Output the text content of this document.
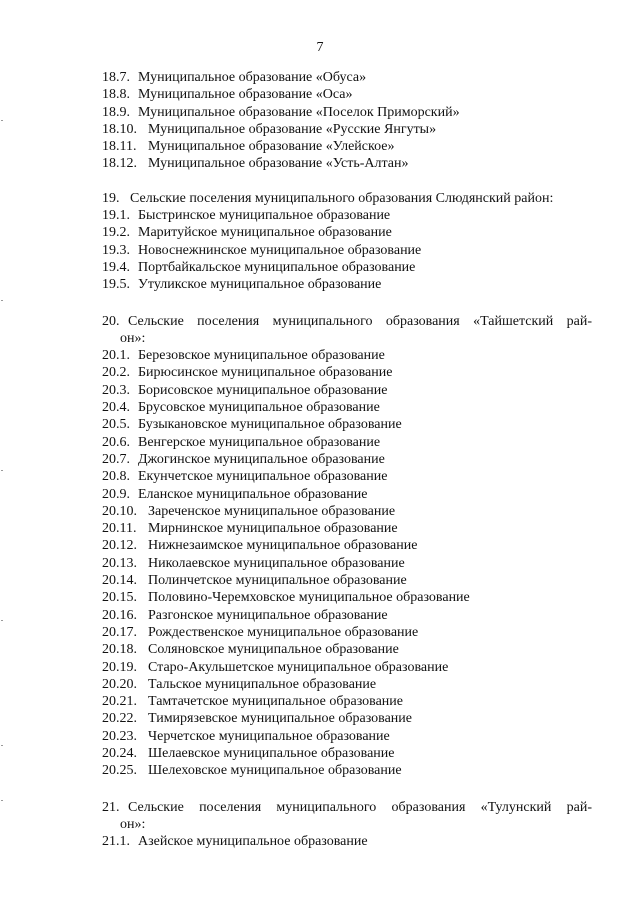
7
18.7. Муниципальное образование «Обуса»
18.8. Муниципальное образование «Оса»
18.9. Муниципальное образование «Поселок Приморский»
18.10. Муниципальное образование «Русские Янгуты»
18.11. Муниципальное образование «Улейское»
18.12. Муниципальное образование «Усть-Алтан»
19. Сельские поселения муниципального образования Слюдянский район:
19.1. Быстринское муниципальное образование
19.2. Маритуйское муниципальное образование
19.3. Новоснежнинское муниципальное образование
19.4. Портбайкальское муниципальное образование
19.5. Утуликское муниципальное образование
20. Сельские поселения муниципального образования «Тайшетский рай-
он»:
20.1. Березовское муниципальное образование
20.2. Бирюсинское муниципальное образование
20.3. Борисовское муниципальное образование
20.4. Брусовское муниципальное образование
20.5. Бузыкановское муниципальное образование
20.6. Венгерское муниципальное образование
20.7. Джогинское муниципальное образование
20.8. Екунчетское муниципальное образование
20.9. Еланское муниципальное образование
20.10. Зареченское муниципальное образование
20.11. Мирнинское муниципальное образование
20.12. Нижнезаимское муниципальное образование
20.13. Николаевское муниципальное образование
20.14. Полинчетское муниципальное образование
20.15. Половино-Черемховское муниципальное образование
20.16. Разгонское муниципальное образование
20.17. Рождественское муниципальное образование
20.18. Соляновское муниципальное образование
20.19. Старо-Акульшетское муниципальное образование
20.20. Тальское муниципальное образование
20.21. Тамтачетское муниципальное образование
20.22. Тимирязевское муниципальное образование
20.23. Черчетское муниципальное образование
20.24. Шелаевское муниципальное образование
20.25. Шелеховское муниципальное образование
21. Сельские поселения муниципального образования «Тулунский рай-
он»:
21.1. Азейское муниципальное образование
